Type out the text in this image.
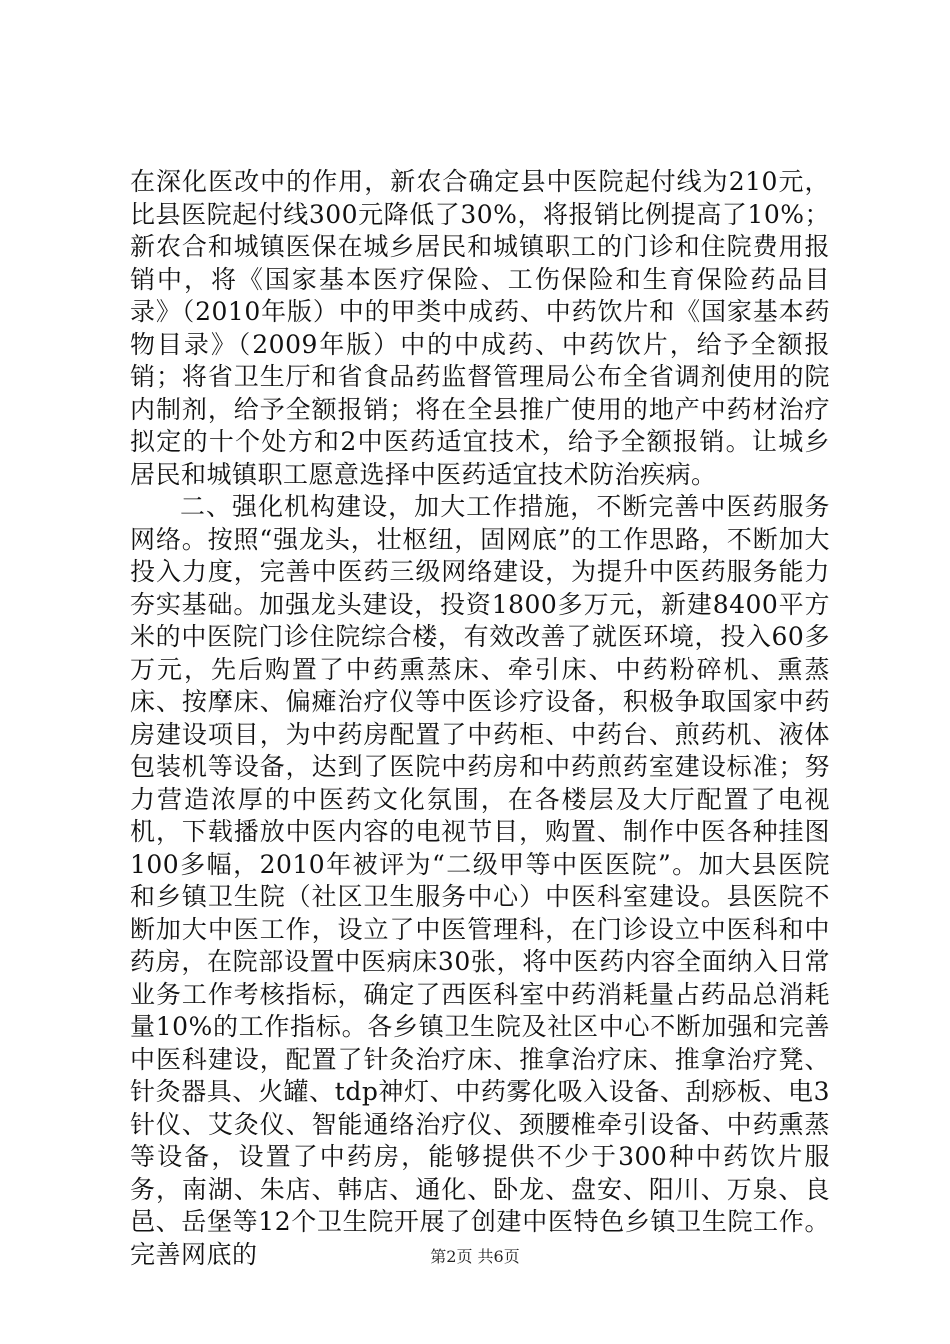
在深化医改中的作用，新农合确定县中医院起付线为210元，比县医院起付线300元降低了30%，将报销比例提高了10%；新农合和城镇医保在城乡居民和城镇职工的门诊和住院费用报销中，将《国家基本医疗保险、工伤保险和生育保险药品目录》（2010年版）中的甲类中成药、中药饮片和《国家基本药物目录》（2009年版）中的中成药、中药饮片，给予全额报销；将省卫生厅和省食品药监督管理局公布全省调剂使用的院内制剂，给予全额报销；将在全县推广使用的地产中药材治疗拟定的十个处方和2中医药适宜技术，给予全额报销。让城乡居民和城镇职工愿意选择中医药适宜技术防治疾病。

二、强化机构建设，加大工作措施，不断完善中医药服务网络。按照“强龙头，壮枢纽，固网底”的工作思路，不断加大投入力度，完善中医药三级网络建设，为提升中医药服务能力夯实基础。加强龙头建设，投资1800多万元，新建8400平方米的中医院门诊住院综合楼，有效改善了就医环境，投入60多万元，先后购置了中药熏蒸床、牵引床、中药粉碎机、熏蒸床、按摩床、偏瘫治疗仪等中医诊疗设备，积极争取国家中药房建设项目，为中药房配置了中药柜、中药台、煎药机、液体包装机等设备，达到了医院中药房和中药煎药室建设标准；努力营造浓厚的中医药文化氛围，在各楼层及大厅配置了电视机，下载播放中医内容的电视节目，购置、制作中医各种挂图100多幅，2010年被评为“二级甲等中医医院”。加大县医院和乡镇卫生院（社区卫生服务中心）中医科室建设。县医院不断加大中医工作，设立了中医管理科，在门诊设立中医科和中药房，在院部设置中医病床30张，将中医药内容全面纳入日常业务工作考核指标，确定了西医科室中药消耗量占药品总消耗量10%的工作指标。各乡镇卫生院及社区中心不断加强和完善中医科建设，配置了针灸治疗床、推拿治疗床、推拿治疗凳、针灸器具、火罐、tdp神灯、中药雾化吸入设备、刮痧板、电3针仪、艾灸仪、智能通络治疗仪、颈腰椎牵引设备、中药熏蒸等设备，设置了中药房，能够提供不少于300种中药饮片服务，南湖、朱店、韩店、通化、卧龙、盘安、阳川、万泉、良邑、岳堡等12个卫生院开展了创建中医特色乡镇卫生院工作。完善网底的	第2页 共6页
